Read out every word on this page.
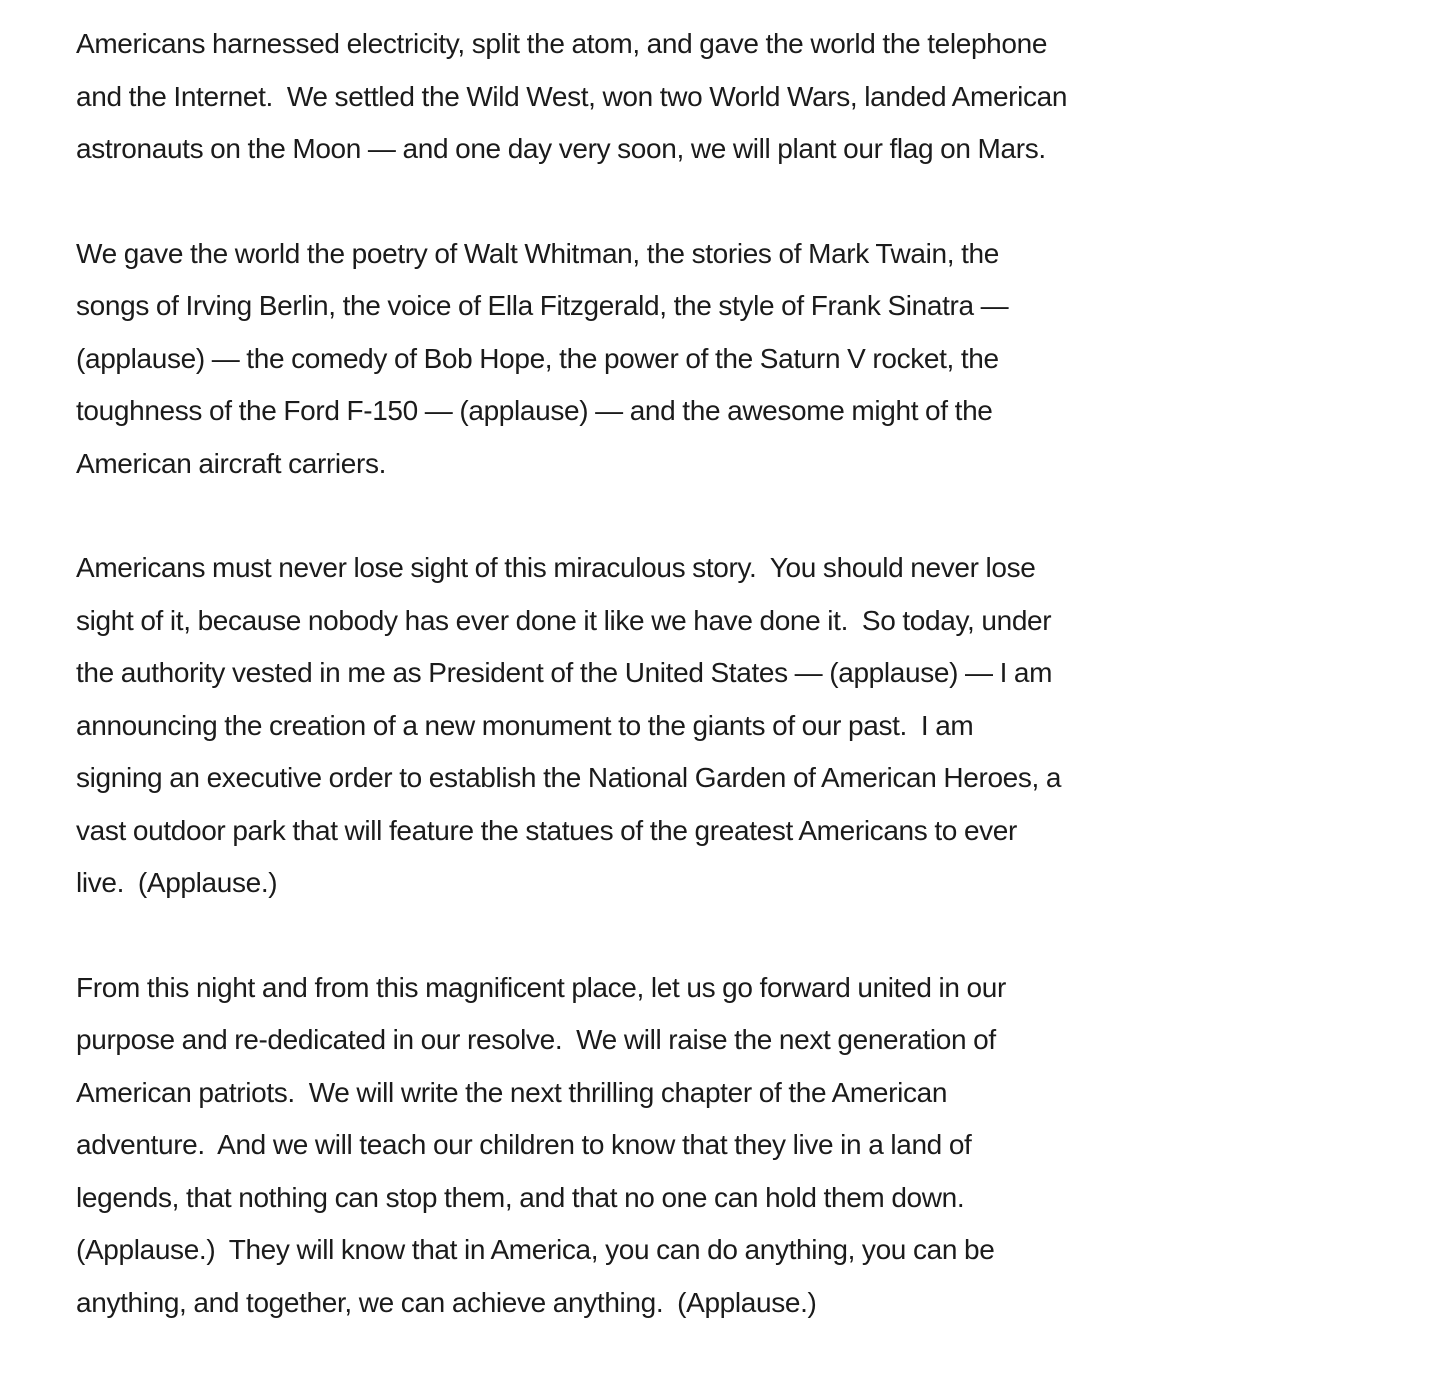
Americans harnessed electricity, split the atom, and gave the world the telephone
and the Internet.  We settled the Wild West, won two World Wars, landed American
astronauts on the Moon — and one day very soon, we will plant our flag on Mars.

We gave the world the poetry of Walt Whitman, the stories of Mark Twain, the
songs of Irving Berlin, the voice of Ella Fitzgerald, the style of Frank Sinatra —
(applause) — the comedy of Bob Hope, the power of the Saturn V rocket, the
toughness of the Ford F-150 — (applause) — and the awesome might of the
American aircraft carriers.

Americans must never lose sight of this miraculous story.  You should never lose
sight of it, because nobody has ever done it like we have done it.  So today, under
the authority vested in me as President of the United States — (applause) — I am
announcing the creation of a new monument to the giants of our past.  I am
signing an executive order to establish the National Garden of American Heroes, a
vast outdoor park that will feature the statues of the greatest Americans to ever
live.  (Applause.)

From this night and from this magnificent place, let us go forward united in our
purpose and re-dedicated in our resolve.  We will raise the next generation of
American patriots.  We will write the next thrilling chapter of the American
adventure.  And we will teach our children to know that they live in a land of
legends, that nothing can stop them, and that no one can hold them down.
(Applause.)  They will know that in America, you can do anything, you can be
anything, and together, we can achieve anything.  (Applause.)
